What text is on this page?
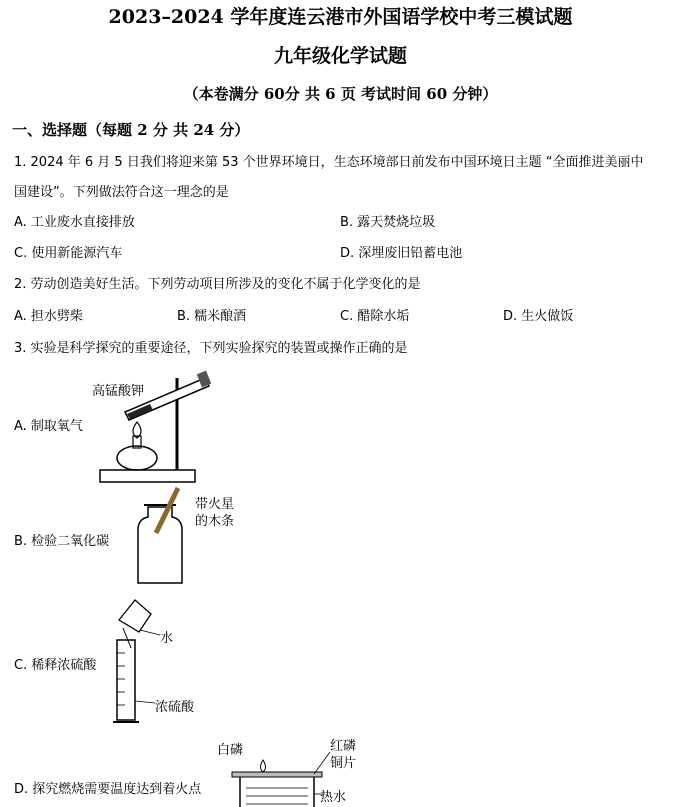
2023–2024 学年度连云港市外国语学校中考三模试题
九年级化学试题
（本卷满分 60分 共 6 页 考试时间 60 分钟）
一、选择题（每题 2 分 共 24 分）
1. 2024 年 6 月 5 日我们将迎来第 53 个世界环境日，生态环境部日前发布中国环境日主题 “全面推进美丽中
国建设”。下列做法符合这一理念的是
A. 工业废水直接排放	B. 露天焚烧垃圾
C. 使用新能源汽车	D. 深埋废旧铅蓄电池
2. 劳动创造美好生活。下列劳动项目所涉及的变化不属于化学变化的是
A. 担水劈柴	B. 糯米酿酒	C. 醋除水垢	D. 生火做饭
3. 实验是科学探究的重要途径，下列实验探究的装置或操作正确的是
A. 制取氧气
高锰酸钾
B. 检验二氧化碳
带火星
的木条
C. 稀释浓硫酸
水
浓硫酸
D. 探究燃烧需要温度达到着火点
白磷	红磷
铜片
热水
